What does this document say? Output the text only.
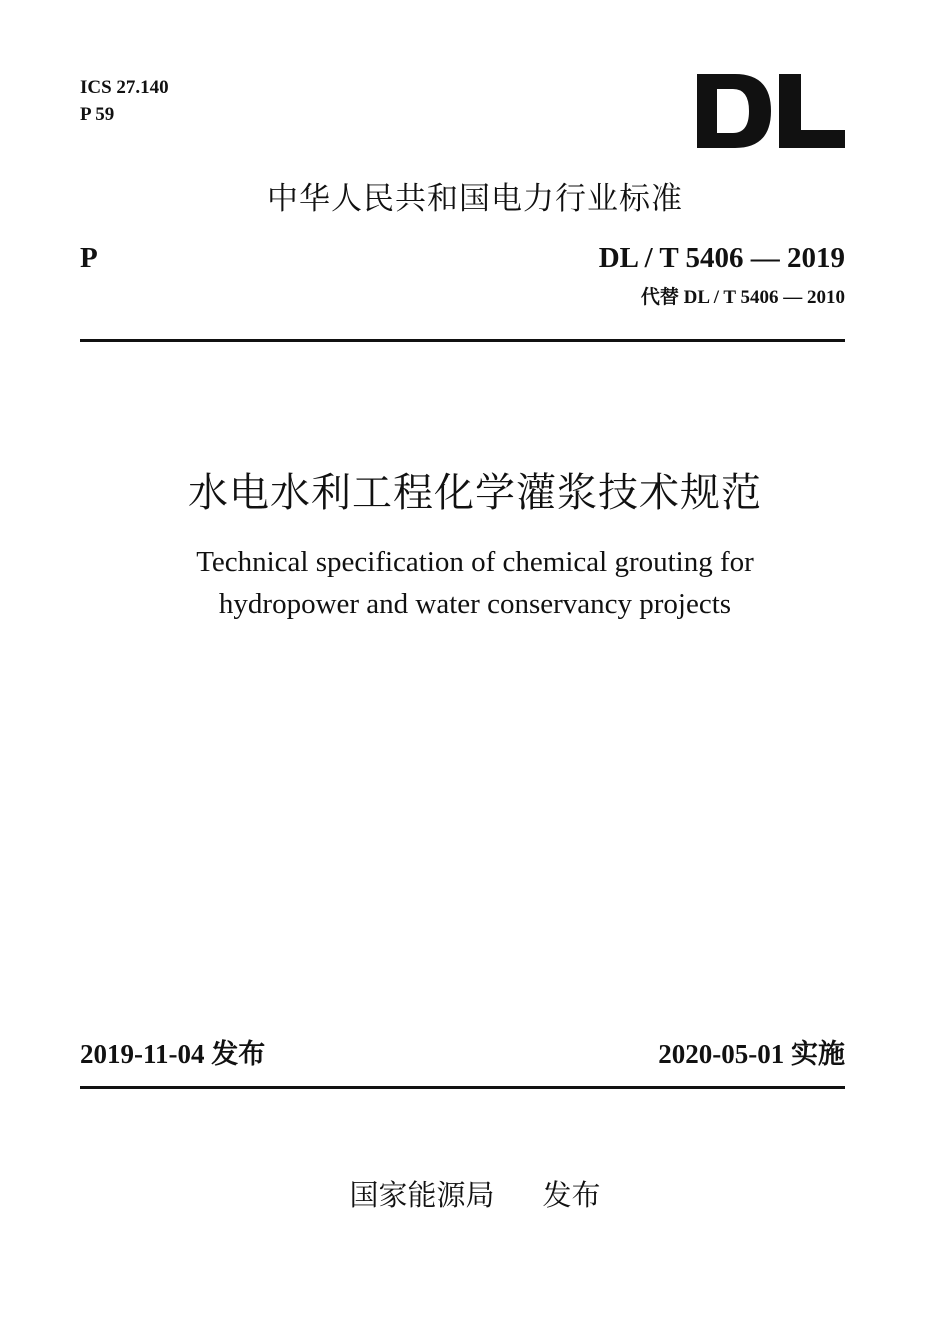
ICS 27.140
P 59
中华人民共和国电力行业标准
P	DL / T 5406 — 2019
代替 DL / T 5406 — 2010
水电水利工程化学灌浆技术规范
Technical specification of chemical grouting for
hydropower and water conservancy projects
2019-11-04 发布	2020-05-01 实施
国家能源局 发布
